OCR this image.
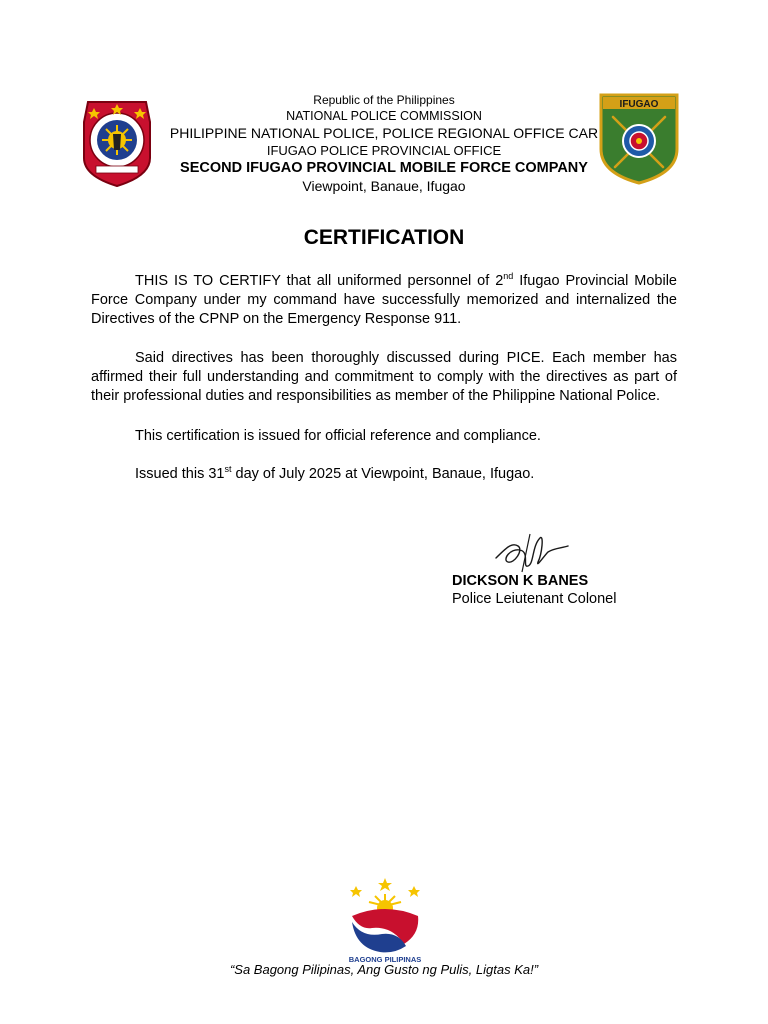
Republic of the Philippines
NATIONAL POLICE COMMISSION
PHILIPPINE NATIONAL POLICE, POLICE REGIONAL OFFICE CAR
IFUGAO POLICE PROVINCIAL OFFICE
SECOND IFUGAO PROVINCIAL MOBILE FORCE COMPANY
Viewpoint, Banaue, Ifugao
IFUGAO
CERTIFICATION
THIS IS TO CERTIFY that all uniformed personnel of 2nd Ifugao Provincial Mobile Force Company under my command have successfully memorized and internalized the Directives of the CPNP on the Emergency Response 911.
Said directives has been thoroughly discussed during PICE. Each member has affirmed their full understanding and commitment to comply with the directives as part of their professional duties and responsibilities as member of the Philippine National Police.
This certification is issued for official reference and compliance.
Issued this 31st day of July 2025 at Viewpoint, Banaue, Ifugao.
DICKSON K BANES
Police Leiutenant Colonel
BAGONG PILIPINAS
“Sa Bagong Pilipinas, Ang Gusto ng Pulis, Ligtas Ka!”
